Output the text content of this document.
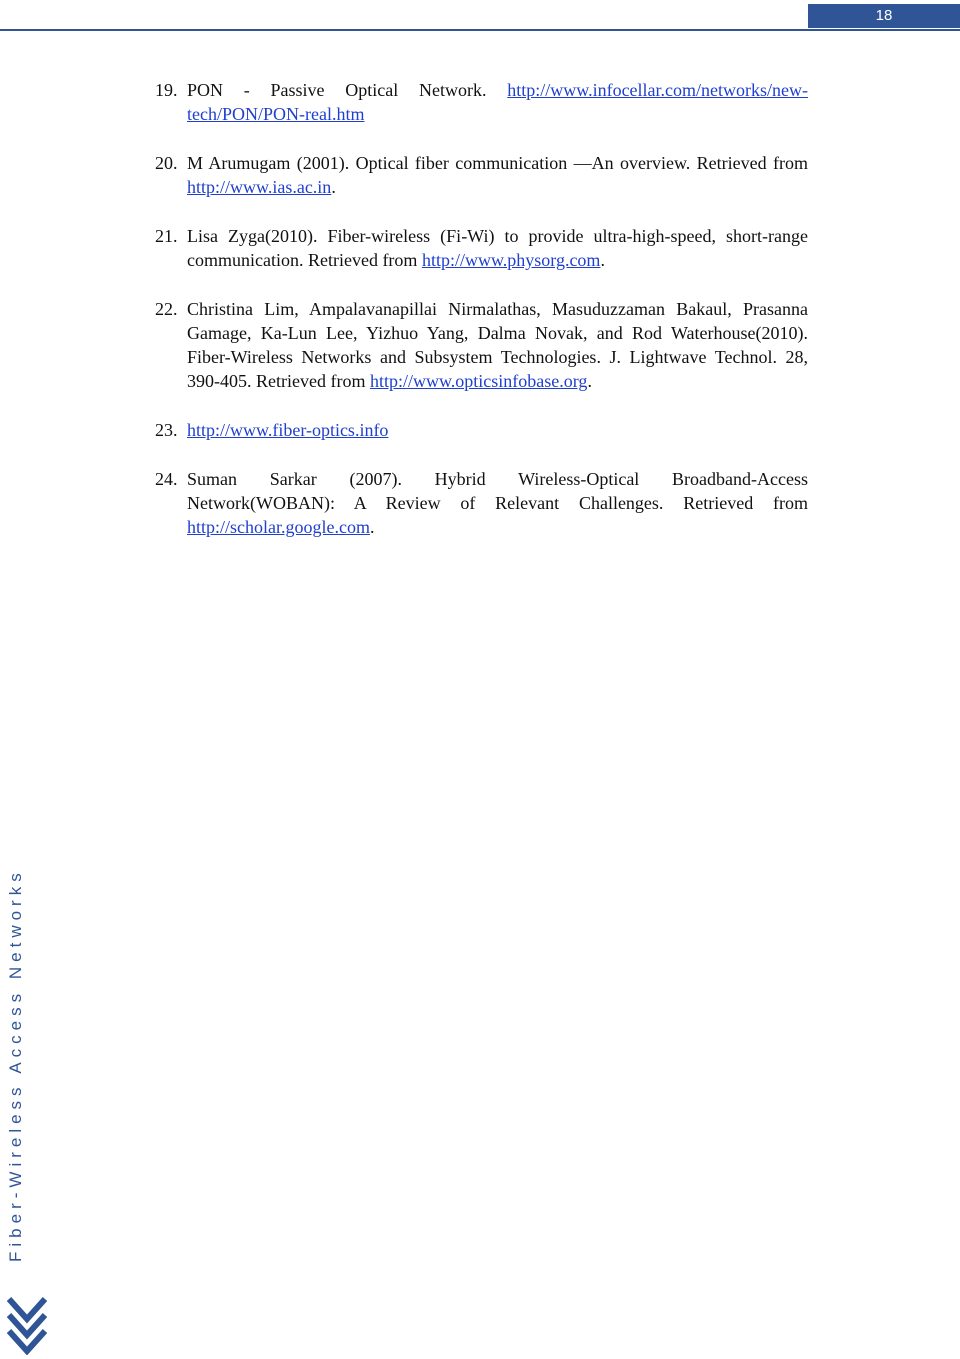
18
19. PON - Passive Optical Network. http://www.infocellar.com/networks/new-tech/PON/PON-real.htm
20. M Arumugam (2001). Optical fiber communication —An overview. Retrieved from http://www.ias.ac.in.
21. Lisa Zyga(2010). Fiber-wireless (Fi-Wi) to provide ultra-high-speed, short-range communication. Retrieved from http://www.physorg.com.
22. Christina Lim, Ampalavanapillai Nirmalathas, Masuduzzaman Bakaul, Prasanna Gamage, Ka-Lun Lee, Yizhuo Yang, Dalma Novak, and Rod Waterhouse(2010). Fiber-Wireless Networks and Subsystem Technologies. J. Lightwave Technol. 28, 390-405. Retrieved from http://www.opticsinfobase.org.
23. http://www.fiber-optics.info
24. Suman Sarkar (2007). Hybrid Wireless-Optical Broadband-Access Network(WOBAN): A Review of Relevant Challenges. Retrieved from http://scholar.google.com.
Fiber-Wireless Access Networks
